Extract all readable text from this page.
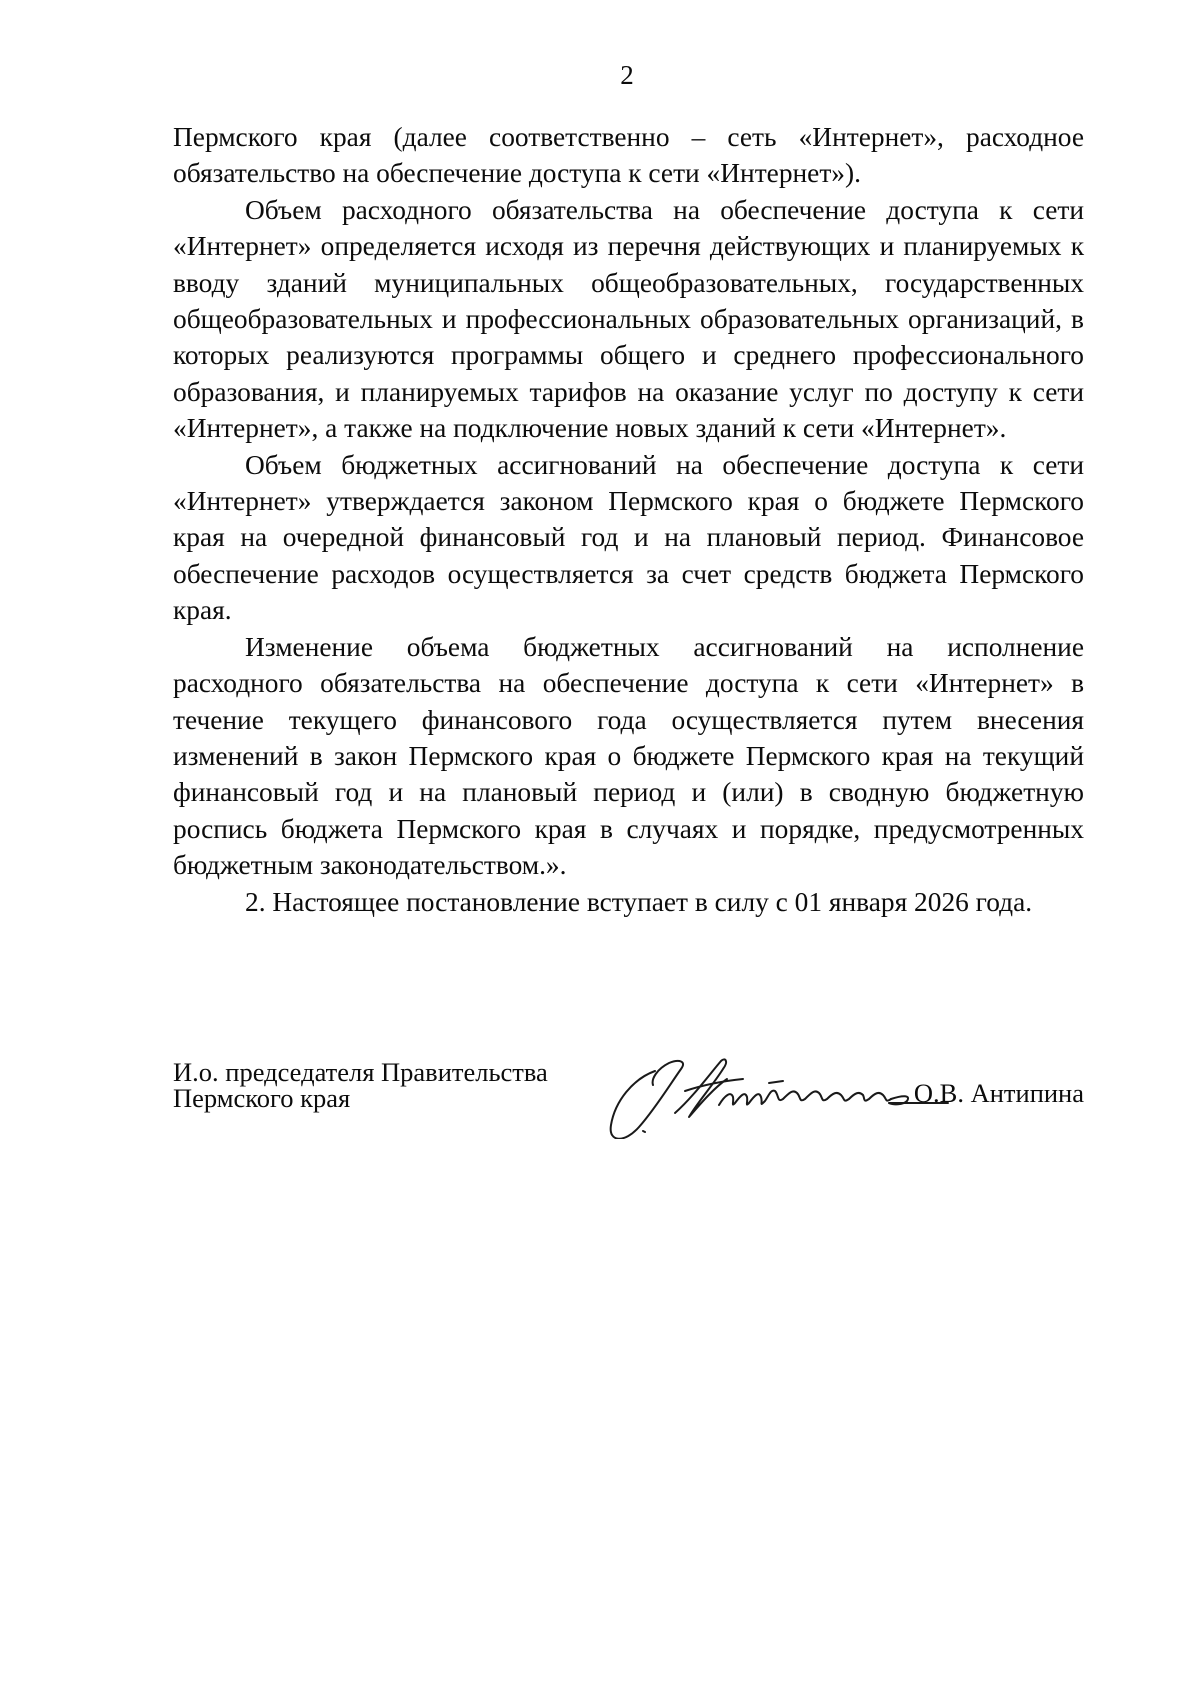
2

Пермского края (далее соответственно – сеть «Интернет», расходное обязательство на обеспечение доступа к сети «Интернет»).

Объем расходного обязательства на обеспечение доступа к сети «Интернет» определяется исходя из перечня действующих и планируемых к вводу зданий муниципальных общеобразовательных, государственных общеобразовательных и профессиональных образовательных организаций, в которых реализуются программы общего и среднего профессионального образования, и планируемых тарифов на оказание услуг по доступу к сети «Интернет», а также на подключение новых зданий к сети «Интернет».

Объем бюджетных ассигнований на обеспечение доступа к сети «Интернет» утверждается законом Пермского края о бюджете Пермского края на очередной финансовый год и на плановый период. Финансовое обеспечение расходов осуществляется за счет средств бюджета Пермского края.

Изменение объема бюджетных ассигнований на исполнение расходного обязательства на обеспечение доступа к сети «Интернет» в течение текущего финансового года осуществляется путем внесения изменений в закон Пермского края о бюджете Пермского края на текущий финансовый год и на плановый период и (или) в сводную бюджетную роспись бюджета Пермского края в случаях и порядке, предусмотренных бюджетным законодательством.».

2. Настоящее постановление вступает в силу с 01 января 2026 года.

И.о. председателя Правительства
Пермского края	О.В. Антипина
